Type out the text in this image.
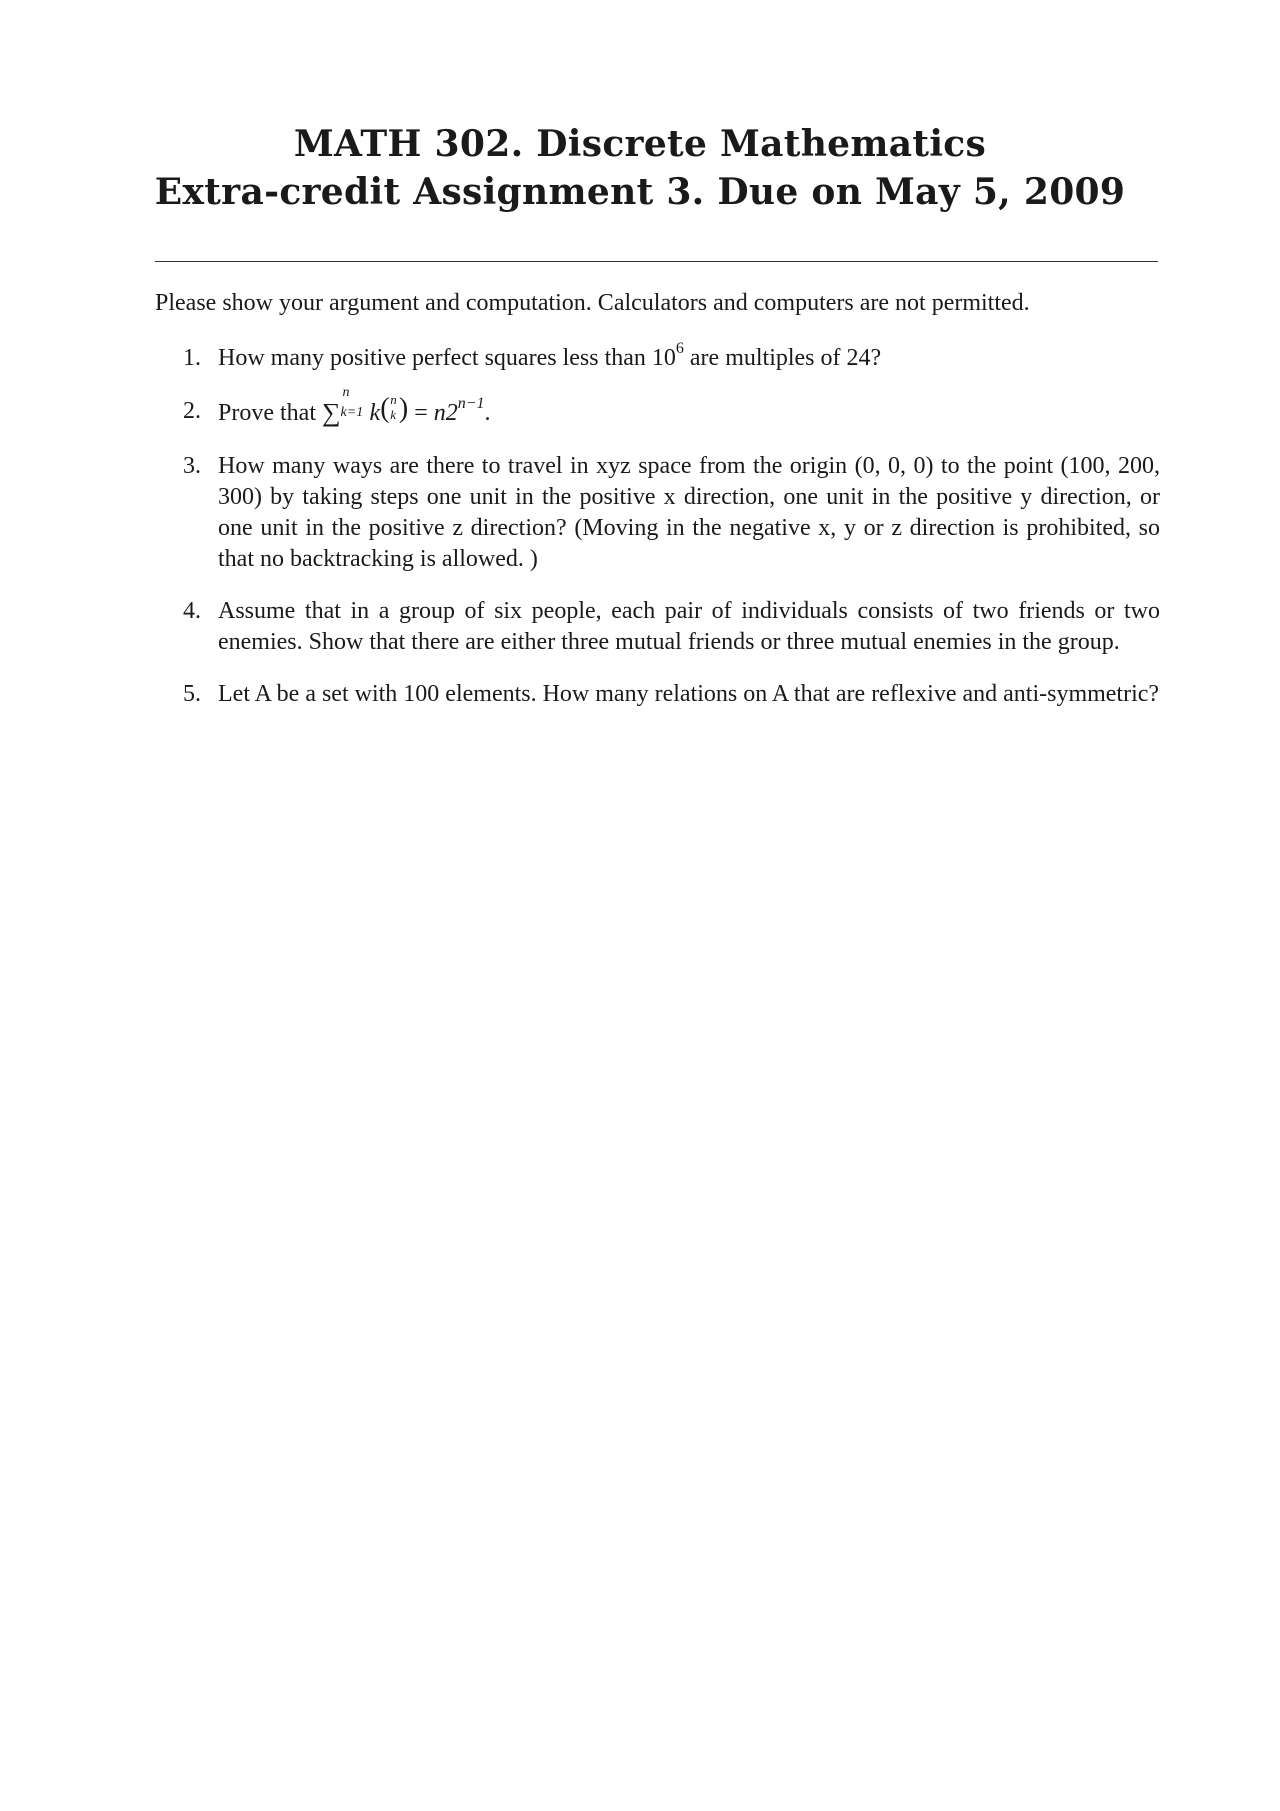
MATH 302. Discrete Mathematics
Extra-credit Assignment 3. Due on May 5, 2009
Please show your argument and computation. Calculators and computers are not permitted.
1. How many positive perfect squares less than $10^6$ are multiples of 24?
2. Prove that ∑
n
k=1 k ( n
k ) = $n2^{n-1}$.
3. How many ways are there to travel in xyz space from the origin (0, 0, 0) to the point (100, 200, 300) by taking steps one unit in the positive x direction, one unit in the positive y direction, or one unit in the positive z direction? (Moving in the negative x, y or z direction is prohibited, so that no backtracking is allowed. )
4. Assume that in a group of six people, each pair of individuals consists of two friends or two enemies. Show that there are either three mutual friends or three mutual enemies in the group.
5. Let A be a set with 100 elements. How many relations on A that are reflexive and anti-symmetric?
